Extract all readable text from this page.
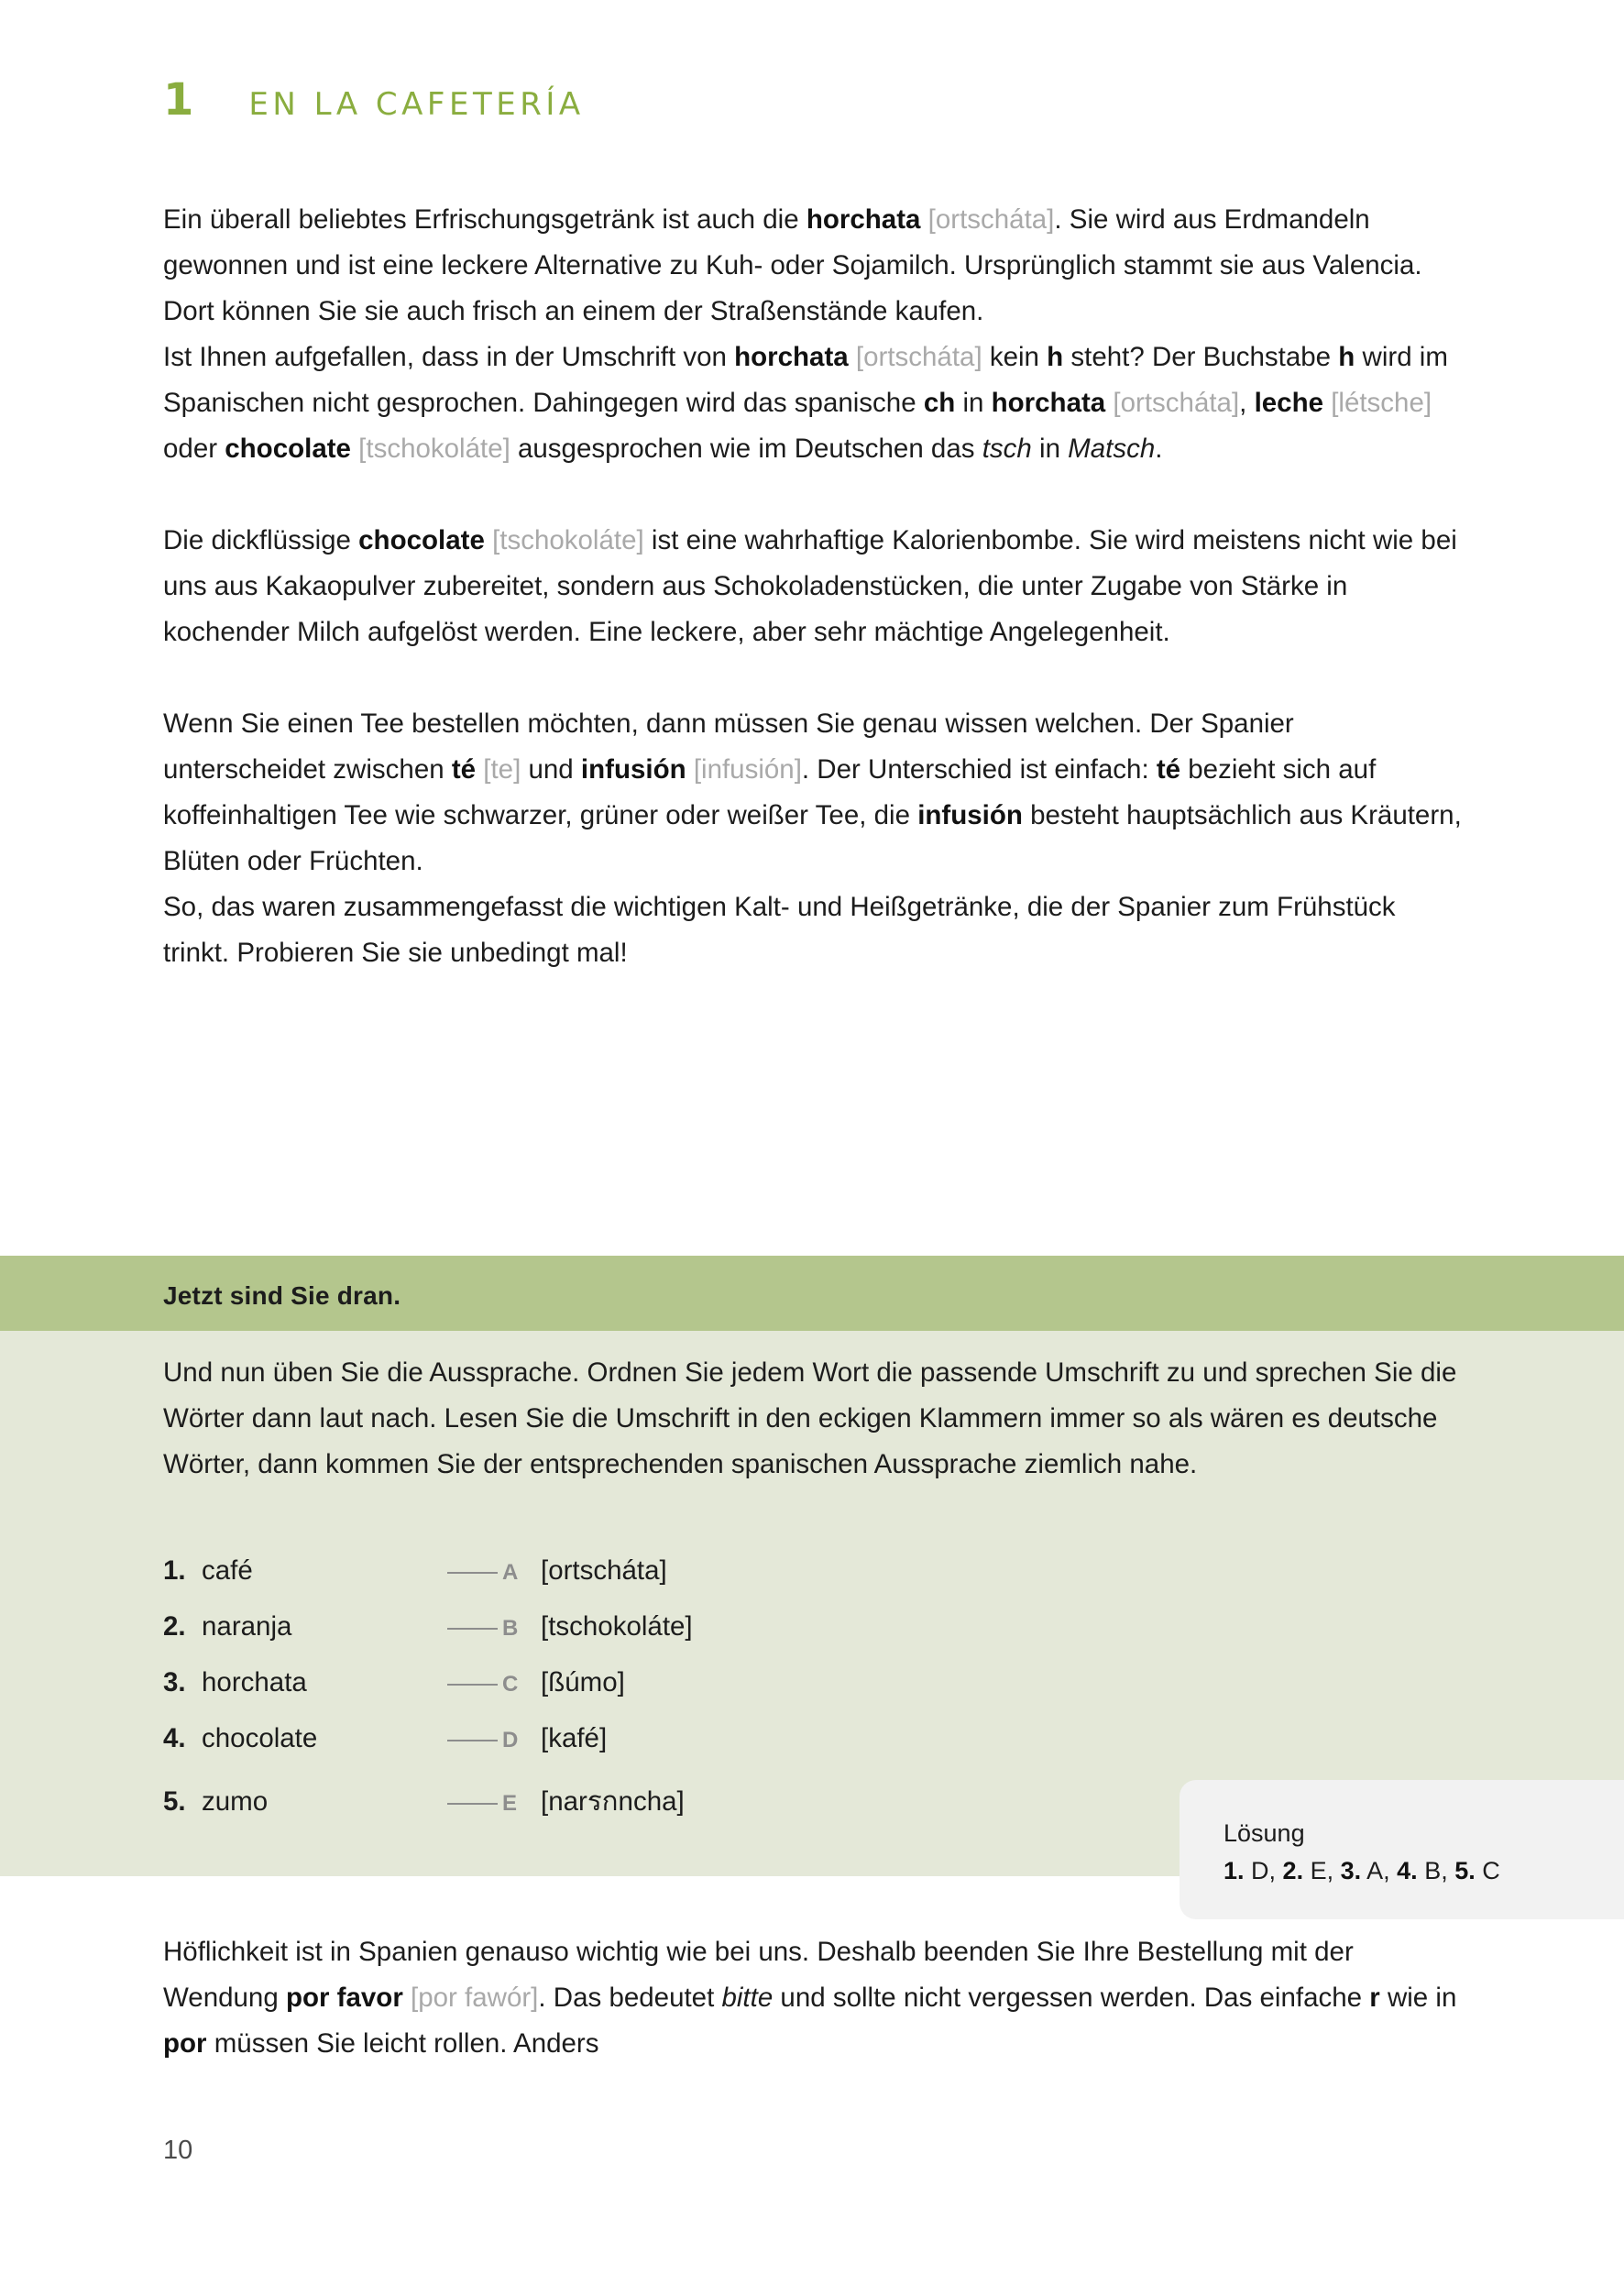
1 EN LA CAFETERÍA

Ein überall beliebtes Erfrischungsgetränk ist auch die horchata [ortscháta]. Sie wird aus Erdmandeln gewonnen und ist eine leckere Alternative zu Kuh- oder Sojamilch. Ursprünglich stammt sie aus Valencia. Dort können Sie sie auch frisch an einem der Straßenstände kaufen.

Ist Ihnen aufgefallen, dass in der Umschrift von horchata [ortscháta] kein h steht? Der Buchstabe h wird im Spanischen nicht gesprochen. Dahingegen wird das spanische ch in horchata [ortscháta], leche [létsche] oder chocolate [tschokoláte] ausgesprochen wie im Deutschen das tsch in Matsch.

Die dickflüssige chocolate [tschokoláte] ist eine wahrhaftige Kalorienbombe. Sie wird meistens nicht wie bei uns aus Kakaopulver zubereitet, sondern aus Schokoladenstücken, die unter Zugabe von Stärke in kochender Milch aufgelöst werden. Eine leckere, aber sehr mächtige Angelegenheit.

Wenn Sie einen Tee bestellen möchten, dann müssen Sie genau wissen welchen. Der Spanier unterscheidet zwischen té [te] und infusión [infusión]. Der Unterschied ist einfach: té bezieht sich auf koffeinhaltigen Tee wie schwarzer, grüner oder weißer Tee, die infusión besteht hauptsächlich aus Kräutern, Blüten oder Früchten.

So, das waren zusammengefasst die wichtigen Kalt- und Heißgetränke, die der Spanier zum Frühstück trinkt. Probieren Sie sie unbedingt mal!

Jetzt sind Sie dran.
Und nun üben Sie die Aussprache. Ordnen Sie jedem Wort die passende Umschrift zu und sprechen Sie die Wörter dann laut nach. Lesen Sie die Umschrift in den eckigen Klammern immer so als wären es deutsche Wörter, dann kommen Sie der entsprechenden spanischen Aussprache ziemlich nahe.
1. café	A [ortscháta]
2. naranja	B [tschokoláte]
3. horchata	C [ßúmo]
4. chocolate	D [kafé]
5. zumo	E [narรกncha]
Lösung
1. D, 2. E, 3. A, 4. B, 5. C

Höflichkeit ist in Spanien genauso wichtig wie bei uns. Deshalb beenden Sie Ihre Bestellung mit der Wendung por favor [por fawór]. Das bedeutet bitte und sollte nicht vergessen werden. Das einfache r wie in por müssen Sie leicht rollen. Anders

10
